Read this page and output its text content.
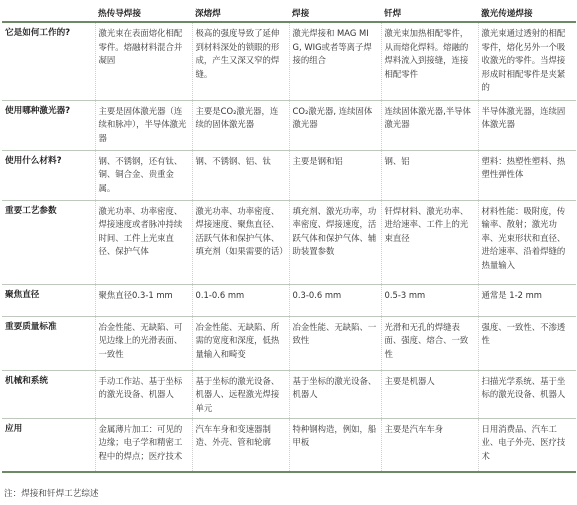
	热传导焊接	深熔焊	焊接	钎焊	激光传递焊接
它是如何工作的?	激光束在表面熔化相配零件。熔融材料混合并凝固	极高的强度导致了延伸到材料深处的锁眼的形成，产生又深又窄的焊缝。	激光焊接和 MAG MIG, WIG或者等离子焊接的组合	激光束加热相配零件，从而熔化焊料。熔融的焊料流入到接缝，连接相配零件	激光束通过透射的相配零件，熔化另外一个吸收激光的零件。当焊接形成时相配零件是夹紧的
使用哪种激光器?	主要是固体激光器（连续和脉冲），半导体激光器	主要是CO₂激光器，连续的固体激光器	CO₂激光器, 连续固体激光器	连续固体激光器,半导体激光器	半导体激光器，连续固体激光器
使用什么材料?	钢、不锈钢，还有钛、铜、铜合金、贵重金属。	钢、不锈钢、铝、钛	主要是钢和铝	钢、铝	塑料：热塑性塑料、热塑性弹性体
重要工艺参数	激光功率、功率密度、焊接速度或者脉冲持续时间、工件上光束直径、保护气体	激光功率、功率密度、焊接速度、聚焦直径、活跃气体和保护气体、填充剂（如果需要的话）	填充剂、激光功率，功率密度、焊接速度，活跃气体和保护气体、辅助装置参数	钎焊材料、激光功率、进给速率、工件上的光束直径	材料性能：吸附度，传输率、散射；激光功率、光束形状和直径、进给速率、沿着焊缝的热量输入
聚焦直径	聚焦直径0.3-1 mm	0.1-0.6 mm	0.3-0.6 mm	0.5-3 mm	通常是 1-2 mm
重要质量标准	冶金性能、无缺陷、可见边缘上的光滑表面、一致性	冶金性能、无缺陷、所需的宽度和深度，低热量输入和畸变	冶金性能、无缺陷、一致性	光滑和无孔的焊缝表面、强度、熔合、一致性	强度、一致性、不渗透性
机械和系统	手动工作站、基于坐标的激光设备、机器人	基于坐标的激光设备、机器人、远程激光焊接单元	基于坐标的激光设备、机器人	主要是机器人	扫描光学系统、基于坐标的激光设备、机器人
应用	金属薄片加工：可见的边缘；电子学和精密工程中的焊点；医疗技术	汽车车身和变速器制造、外壳、管和轮廓	特种钢构造，例如，船甲板	主要是汽车车身	日用消费品、汽车工业、电子外壳、医疗技术
注：焊接和钎焊工艺综述
